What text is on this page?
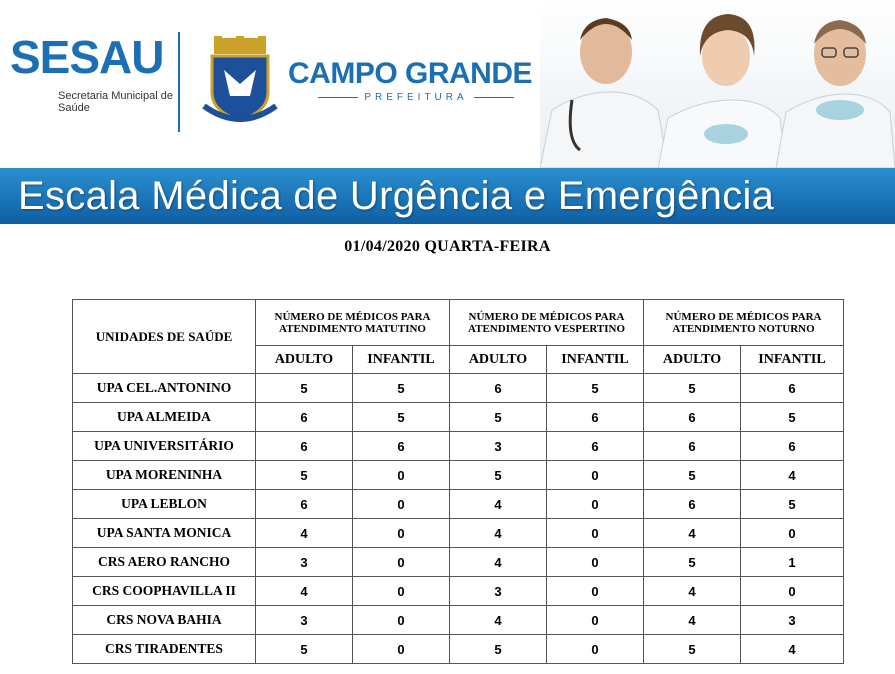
SESAU
Secretaria Municipal de Saúde
CAMPO GRANDE
PREFEITURA
Escala Médica de Urgência e Emergência
01/04/2020 QUARTA-FEIRA
UNIDADES DE SAÚDE	NÚMERO DE MÉDICOS PARA ATENDIMENTO MATUTINO		NÚMERO DE MÉDICOS PARA ATENDIMENTO VESPERTINO		NÚMERO DE MÉDICOS PARA ATENDIMENTO NOTURNO	
	ADULTO	INFANTIL	ADULTO	INFANTIL	ADULTO	INFANTIL
UPA CEL.ANTONINO	5	5	6	5	5	6
UPA ALMEIDA	6	5	5	6	6	5
UPA UNIVERSITÁRIO	6	6	3	6	6	6
UPA MORENINHA	5	0	5	0	5	4
UPA LEBLON	6	0	4	0	6	5
UPA SANTA MONICA	4	0	4	0	4	0
CRS AERO RANCHO	3	0	4	0	5	1
CRS COOPHAVILLA II	4	0	3	0	4	0
CRS NOVA BAHIA	3	0	4	0	4	3
CRS TIRADENTES	5	0	5	0	5	4
